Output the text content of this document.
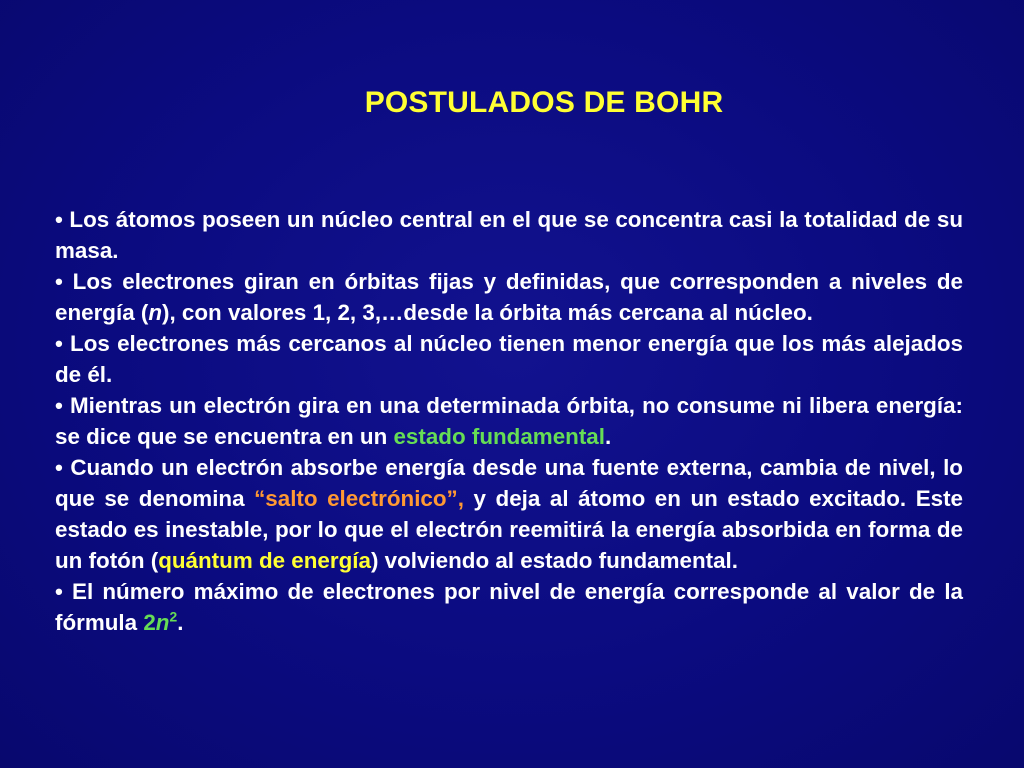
POSTULADOS DE BOHR

• Los átomos poseen un núcleo central en el que se concentra casi la totalidad de su masa.

• Los electrones giran en órbitas fijas y definidas, que corresponden a niveles de energía (n), con valores 1, 2, 3,…desde la órbita más cercana al núcleo.

• Los electrones más cercanos al núcleo tienen menor energía que los más alejados de él.

• Mientras un electrón gira en una determinada órbita, no consume ni libera energía: se dice que se encuentra en un estado fundamental.

• Cuando un electrón absorbe energía desde una fuente externa, cambia de nivel, lo que se denomina “salto electrónico”, y deja al átomo en un estado excitado. Este estado es inestable, por lo que el electrón reemitirá la energía absorbida en forma de un fotón (quántum de energía) volviendo al estado fundamental.

• El número máximo de electrones por nivel de energía corresponde al valor de la fórmula $2n^2$.
